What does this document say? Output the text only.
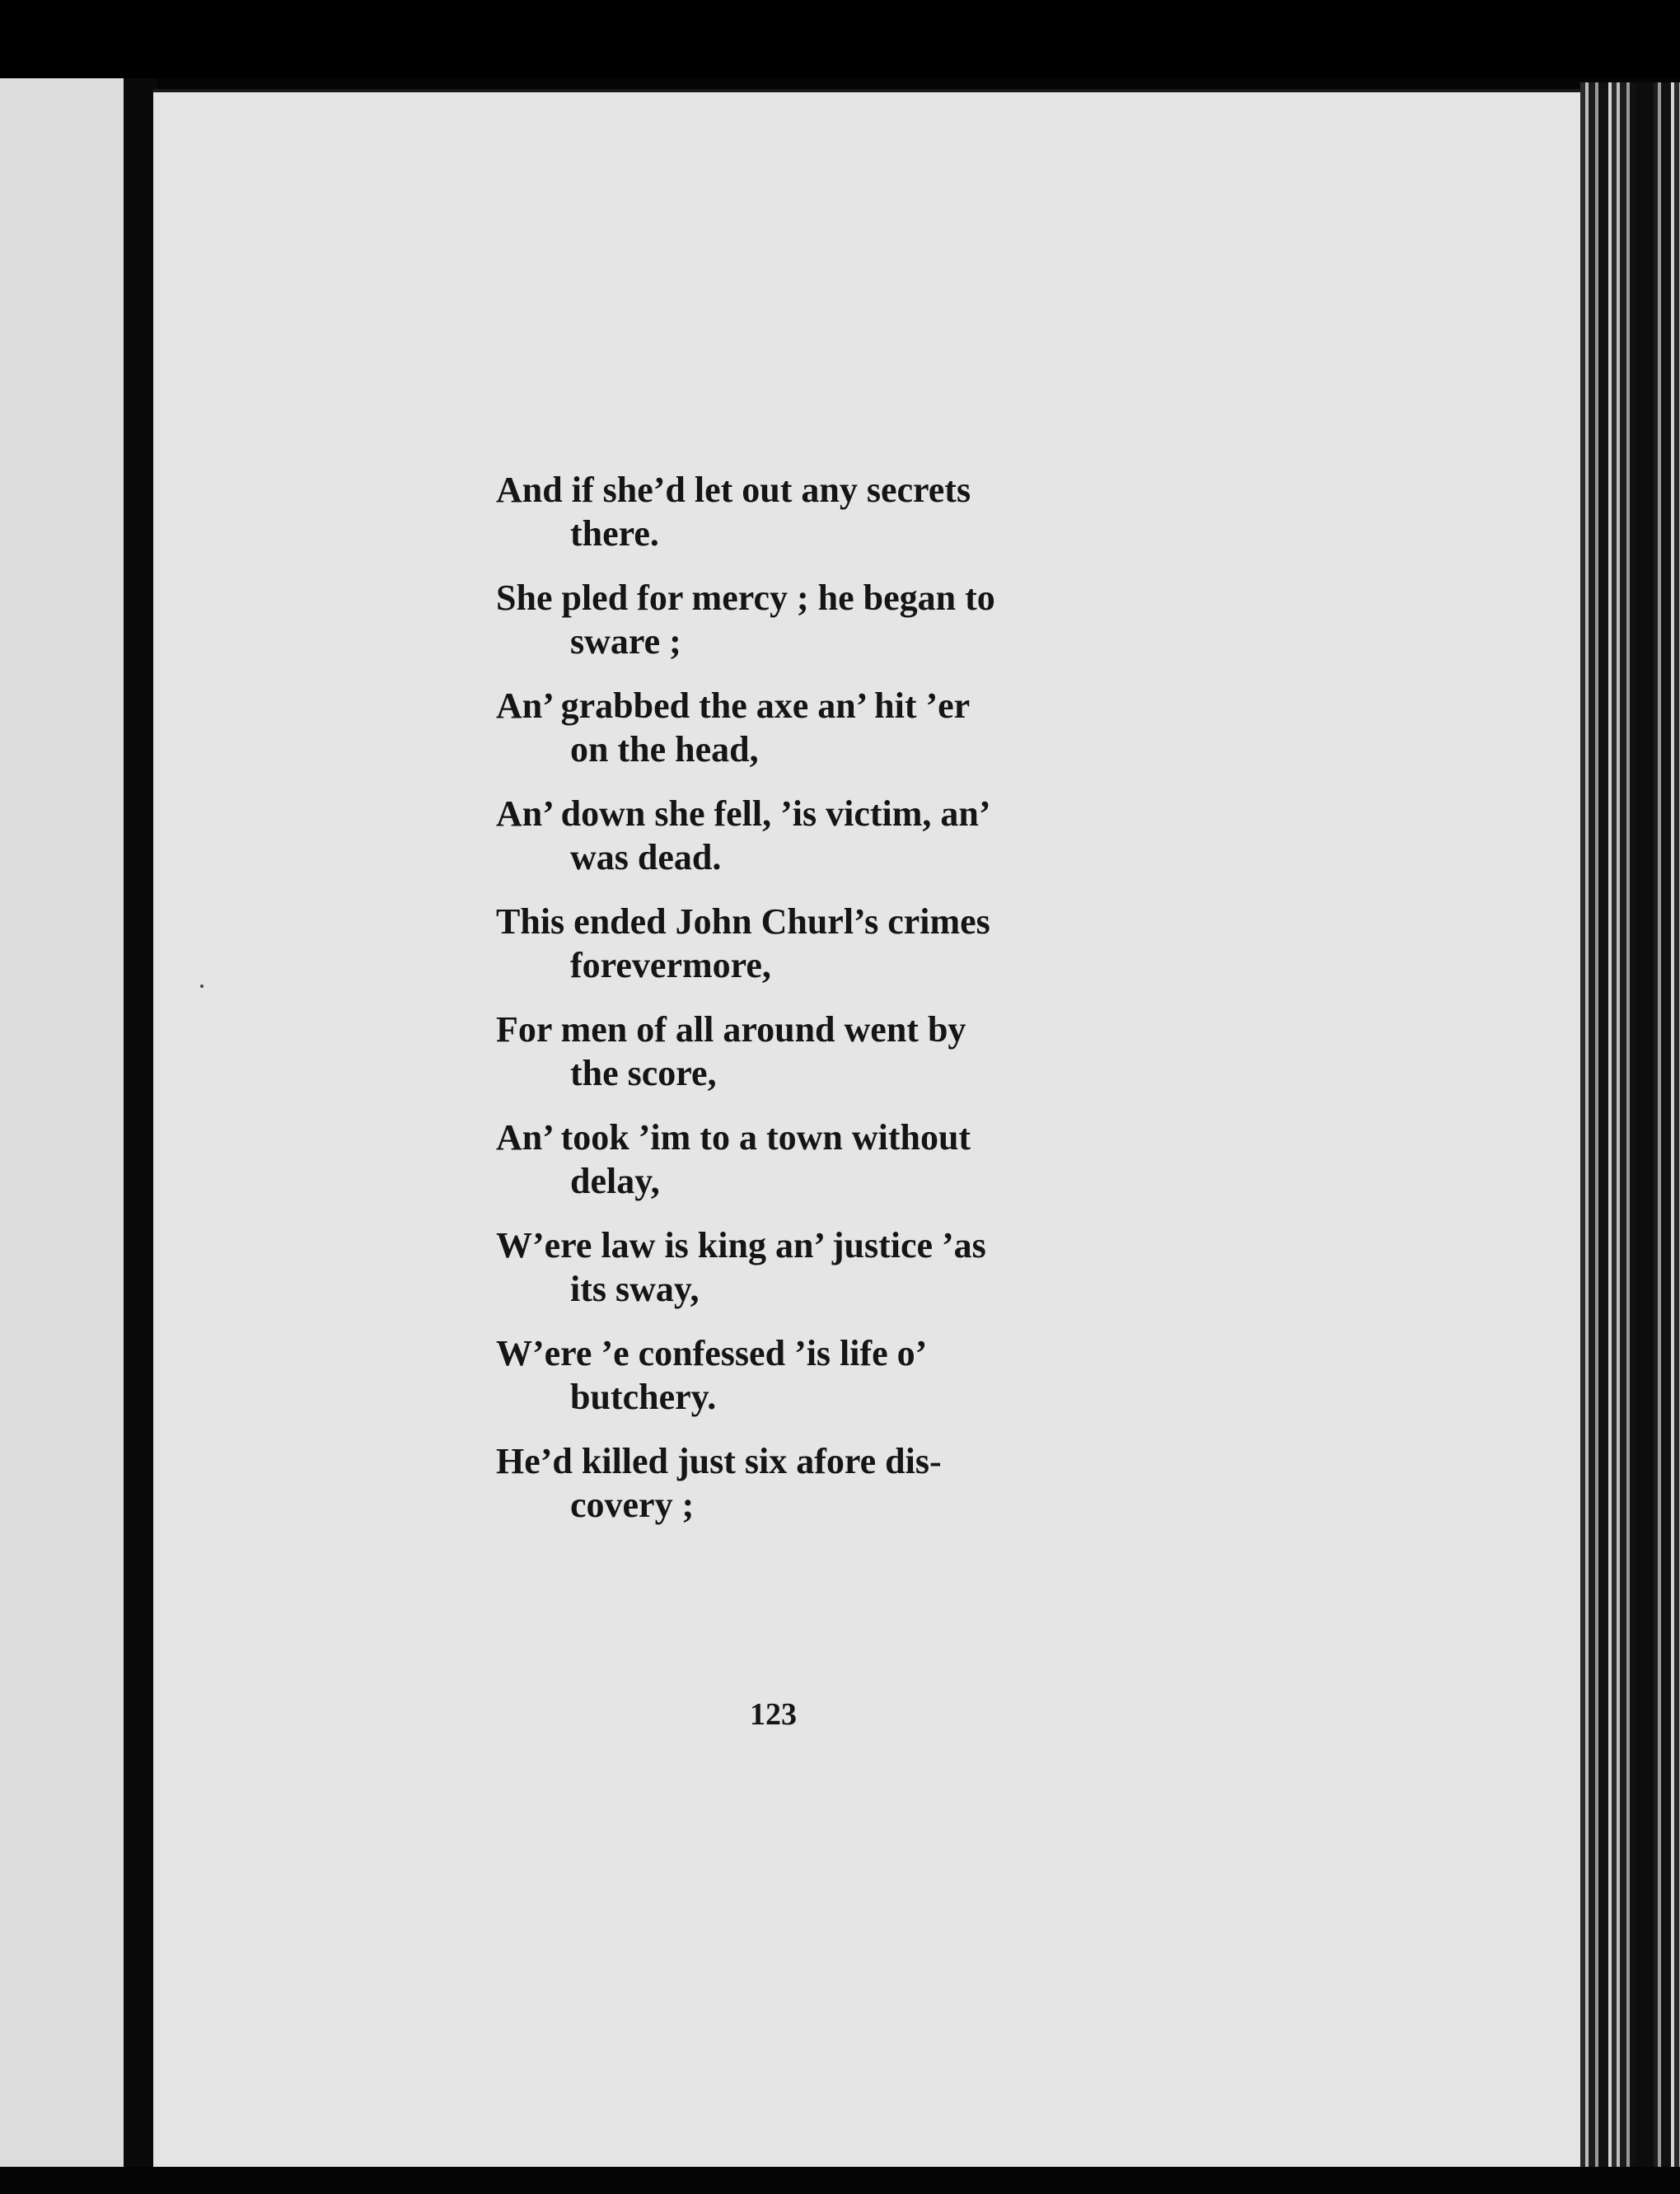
And if she’d let out any secrets
there.
She pled for mercy ; he began to
sware ;
An’ grabbed the axe an’ hit ’er
on the head,
An’ down she fell, ’is victim, an’
was dead.
This ended John Churl’s crimes
forevermore,
For men of all around went by
the score,
An’ took ’im to a town without
delay,
W’ere law is king an’ justice ’as
its sway,
W’ere ’e confessed ’is life o’
butchery.
He’d killed just six afore dis-
covery ;
123
